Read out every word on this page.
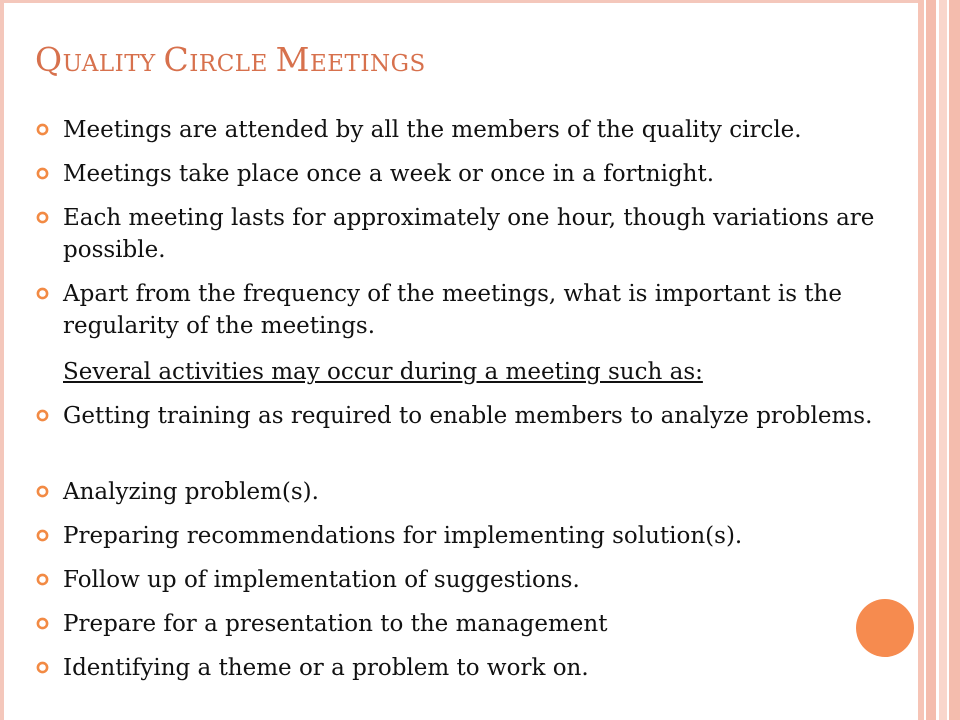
QUALITY CIRCLE MEETINGS
Meetings are attended by all the members of the quality circle.
Meetings take place once a week or once in a fortnight.
Each meeting lasts for approximately one hour, though variations are possible.
Apart from the frequency of the meetings, what is important is the regularity of the meetings.
Several activities may occur during a meeting such as:
Getting training as required to enable members to analyze problems.
Analyzing problem(s).
Preparing recommendations for implementing solution(s).
Follow up of implementation of suggestions.
Prepare for a presentation to the management
Identifying a theme or a problem to work on.
